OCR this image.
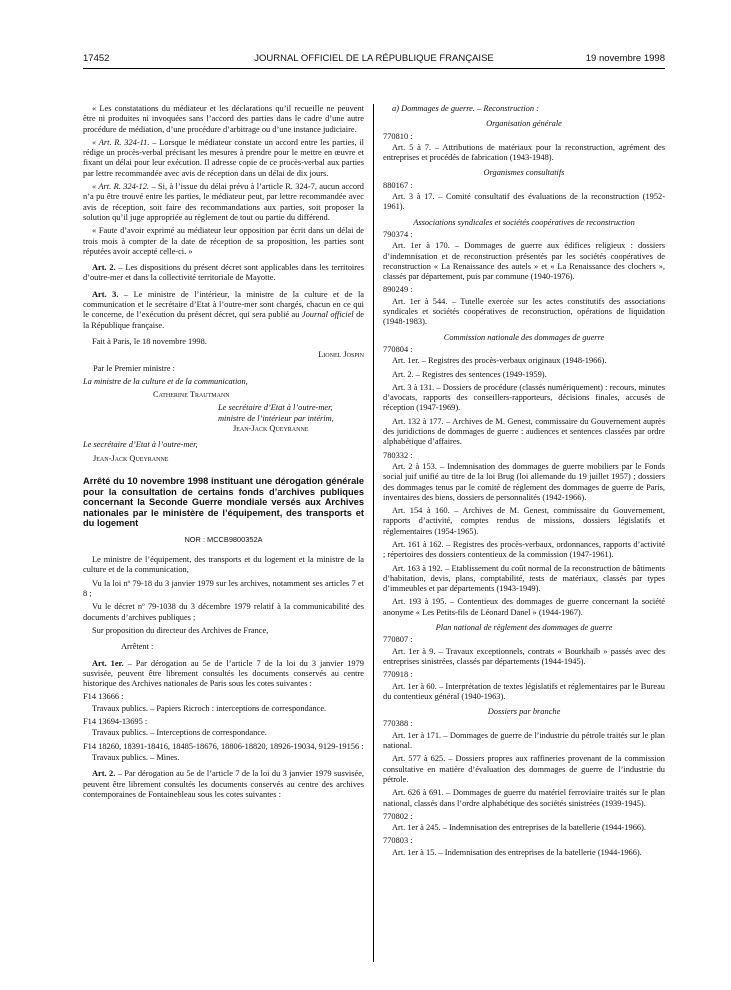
17452	JOURNAL OFFICIEL DE LA RÉPUBLIQUE FRANÇAISE	19 novembre 1998

« Les constatations du médiateur et les déclarations qu’il recueille ne peuvent être ni produites ni invoquées sans l’accord des parties dans le cadre d’une autre procédure de médiation, d’une procédure d’arbitrage ou d’une instance judiciaire.

« Art. R. 324-11. – Lorsque le médiateur constate un accord entre les parties, il rédige un procès-verbal précisant les mesures à prendre pour le mettre en œuvre et fixant un délai pour leur exécution. Il adresse copie de ce procès-verbal aux parties par lettre recommandée avec avis de réception dans un délai de dix jours.

« Art. R. 324-12. – Si, à l’issue du délai prévu à l’article R. 324-7, aucun accord n’a pu être trouvé entre les parties, le médiateur peut, par lettre recommandée avec avis de réception, soit faire des recommandations aux parties, soit proposer la solution qu’il juge appropriée au règlement de tout ou partie du différend.

« Faute d’avoir exprimé au médiateur leur opposition par écrit dans un délai de trois mois à compter de la date de réception de sa proposition, les parties sont réputées avoir accepté celle-ci. »

Art. 2. – Les dispositions du présent décret sont applicables dans les territoires d’outre-mer et dans la collectivité territoriale de Mayotte.

Art. 3. – Le ministre de l’intérieur, la ministre de la culture et de la communication et le secrétaire d’Etat à l’outre-mer sont chargés, chacun en ce qui le concerne, de l’exécution du présent décret, qui sera publié au Journal officiel de la République française.

Fait à Paris, le 18 novembre 1998.

Lionel Jospin

Par le Premier ministre :

La ministre de la culture et de la communication,

Catherine Trautmann

Le secrétaire d’Etat à l’outre-mer,

ministre de l’intérieur par intérim,

Jean-Jack Queyranne

Le secrétaire d’Etat à l’outre-mer,

Jean-Jack Queyranne

Arrêté du 10 novembre 1998 instituant une dérogation générale pour la consultation de certains fonds d’archives publiques concernant la Seconde Guerre mondiale versés aux Archives nationales par le ministère de l’équipement, des transports et du logement
NOR : MCCB9800352A

Le ministre de l’équipement, des transports et du logement et la ministre de la culture et de la communication,

Vu la loi nº 79-18 du 3 janvier 1979 sur les archives, notamment ses articles 7 et 8 ;

Vu le décret nº 79-1038 du 3 décembre 1979 relatif à la communicabilité des documents d’archives publiques ;

Sur proposition du directeur des Archives de France,

Arrêtent :

Art. 1er. – Par dérogation au 5e de l’article 7 de la loi du 3 janvier 1979 susvisée, peuvent être librement consultés les documents conservés au centre historique des Archives nationales de Paris sous les cotes suivantes :

F14 13666 :

Travaux publics. – Papiers Ricroch : interceptions de correspondance.

F14 13694-13695 :

Travaux publics. – Interceptions de correspondance.

F14 18260, 18391-18416, 18485-18676, 18806-18820, 18926-19034, 9129-19156 :

Travaux publics. – Mines.

Art. 2. – Par dérogation au 5e de l’article 7 de la loi du 3 janvier 1979 susvisée, peuvent être librement consultés les documents conservés au centre des archives contemporaines de Fontainebleau sous les cotes suivantes :

a) Dommages de guerre. – Reconstruction :

Organisation générale

770810 :

Art. 5 à 7. – Attributions de matériaux pour la reconstruction, agrément des entreprises et procédés de fabrication (1943-1948).

Organismes consultatifs

880167 :

Art. 3 à 17. – Comité consultatif des évaluations de la reconstruction (1952-1961).

Associations syndicales et sociétés coopératives de reconstruction

790374 :

Art. 1er à 170. – Dommages de guerre aux édifices religieux : dossiers d’indemnisation et de reconstruction présentés par les sociétés coopératives de reconstruction « La Renaissance des autels » et « La Renaissance des clochers », classés par département, puis par commune (1940-1976).

890249 :

Art. 1er à 544. – Tutelle exercée sur les actes constitutifs des associations syndicales et sociétés coopératives de reconstruction, opérations de liquidation (1948-1983).

Commission nationale des dommages de guerre

770804 :

Art. 1er. – Registres des procès-verbaux originaux (1948-1966).

Art. 2. – Registres des sentences (1949-1959).

Art. 3 à 131. – Dossiers de procédure (classés numériquement) : recours, minutes d’avocats, rapports des conseillers-rapporteurs, décisions finales, accusés de réception (1947-1969).

Art. 132 à 177. – Archives de M. Genest, commissaire du Gouvernement auprès des juridictions de dommages de guerre : audiences et sentences classées par ordre alphabétique d’affaires.

780332 :

Art. 2 à 153. – Indemnisation des dommages de guerre mobiliers par le Fonds social juif unifié au titre de la loi Brug (loi allemande du 19 juillet 1957) ; dossiers des dommages tenus par le comité de règlement des dommages de guerre de Paris, inventaires des biens, dossiers de personnalités (1942-1966).

Art. 154 à 160. – Archives de M. Genest, commissaire du Gouvernement, rapports d’activité, comptes rendus de missions, dossiers législatifs et réglementaires (1954-1965).

Art. 161 à 162. – Registres des procès-verbaux, ordonnances, rapports d’activité ; répertoires des dossiers contentieux de la commission (1947-1961).

Art. 163 à 192. – Etablissement du coût normal de la reconstruction de bâtiments d’habitation, devis, plans, comptabilité, tests de matériaux, classés par types d’immeubles et par départements (1943-1949).

Art. 193 à 195. – Contentieux des dommages de guerre concernant la société anonyme « Les Petits-fils de Léonard Danel » (1944-1967).

Plan national de règlement des dommages de guerre

770807 :

Art. 1er à 9. – Travaux exceptionnels, contrats « Bourkhaïb » passés avec des entreprises sinistrées, classés par départements (1944-1945).

770918 :

Art. 1er à 60. – Interprétation de textes législatifs et réglementaires par le Bureau du contentieux général (1940-1963).

Dossiers par branche

770388 :

Art. 1er à 171. – Dommages de guerre de l’industrie du pétrole traités sur le plan national.

Art. 577 à 625. – Dossiers propres aux raffineries provenant de la commission consultative en matière d’évaluation des dommages de guerre de l’industrie du pétrole.

Art. 626 à 691. – Dommages de guerre du matériel ferroviaire traités sur le plan national, classés dans l’ordre alphabétique des sociétés sinistrées (1939-1945).

770802 :

Art. 1er à 245. – Indemnisation des entreprises de la batellerie (1944-1966).

770803 :

Art. 1er à 15. – Indemnisation des entreprises de la batellerie (1944-1966).
